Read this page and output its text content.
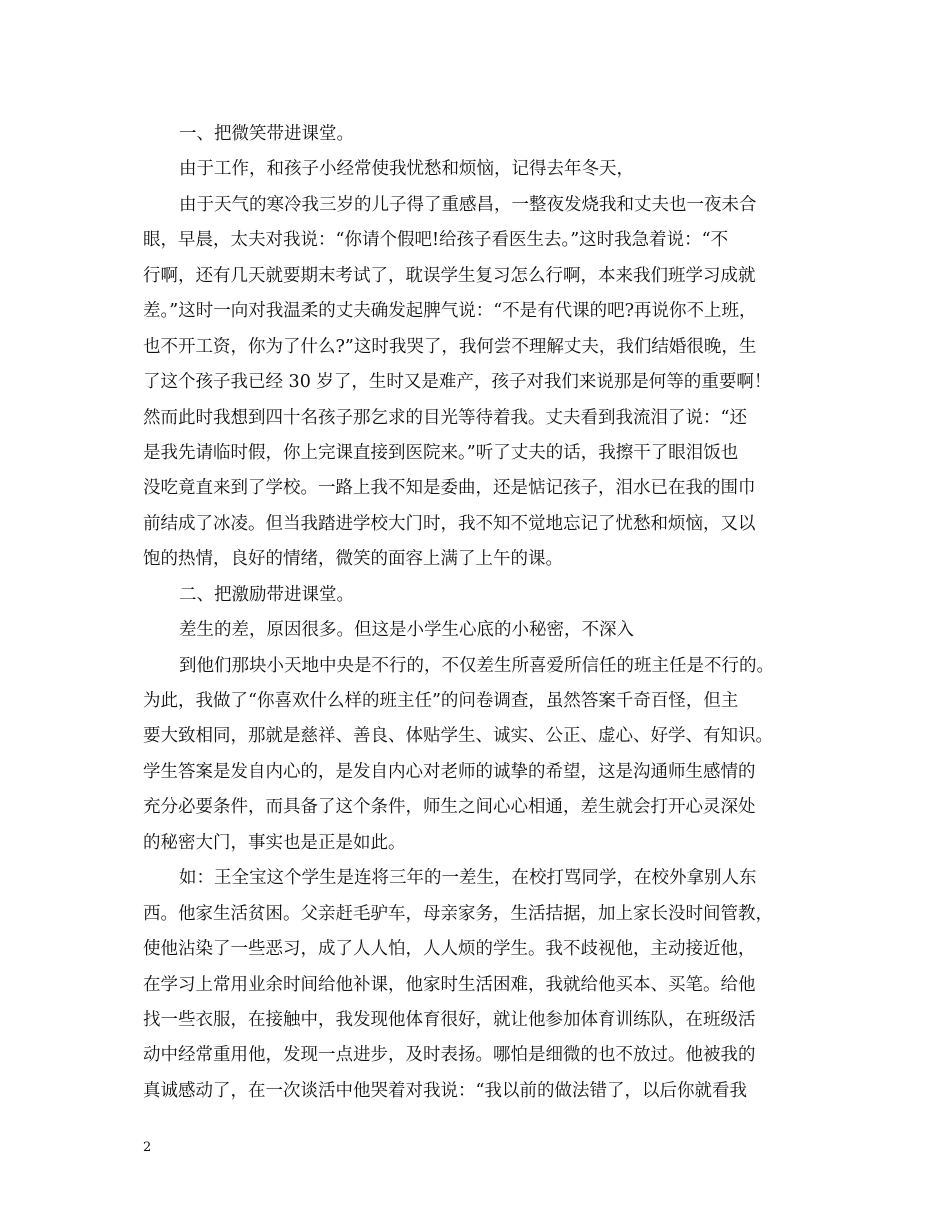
一、把微笑带进课堂。
由于工作，和孩子小经常使我忧愁和烦恼，记得去年冬天，
由于天气的寒冷我三岁的儿子得了重感昌，一整夜发烧我和丈夫也一夜未合
眼，早晨，太夫对我说：“你请个假吧!给孩子看医生去。”这时我急着说：“不
行啊，还有几天就要期末考试了，耽误学生复习怎么行啊，本来我们班学习成就
差。”这时一向对我温柔的丈夫确发起脾气说：“不是有代课的吧?再说你不上班，
也不开工资，你为了什么?”这时我哭了，我何尝不理解丈夫，我们结婚很晚，生
了这个孩子我已经 30 岁了，生时又是难产，孩子对我们来说那是何等的重要啊！
然而此时我想到四十名孩子那乞求的目光等待着我。丈夫看到我流泪了说：“还
是我先请临时假，你上完课直接到医院来。”听了丈夫的话，我擦干了眼泪饭也
没吃竟直来到了学校。一路上我不知是委曲，还是惦记孩子，泪水已在我的围巾
前结成了冰凌。但当我踏进学校大门时，我不知不觉地忘记了忧愁和烦恼，又以
饱的热情，良好的情绪，微笑的面容上满了上午的课。
二、把激励带进课堂。
差生的差，原因很多。但这是小学生心底的小秘密，不深入
到他们那块小天地中央是不行的，不仅差生所喜爱所信任的班主任是不行的。
为此，我做了“你喜欢什么样的班主任”的问卷调查，虽然答案千奇百怪，但主
要大致相同，那就是慈祥、善良、体贴学生、诚实、公正、虚心、好学、有知识。
学生答案是发自内心的，是发自内心对老师的诚挚的希望，这是沟通师生感情的
充分必要条件，而具备了这个条件，师生之间心心相通，差生就会打开心灵深处
的秘密大门，事实也是正是如此。
如：王全宝这个学生是连将三年的一差生，在校打骂同学，在校外拿别人东
西。他家生活贫困。父亲赶毛驴车，母亲家务，生活拮据，加上家长没时间管教，
使他沾染了一些恶习，成了人人怕，人人烦的学生。我不歧视他，主动接近他，
在学习上常用业余时间给他补课，他家时生活困难，我就给他买本、买笔。给他
找一些衣服，在接触中，我发现他体育很好，就让他参加体育训练队，在班级活
动中经常重用他，发现一点进步，及时表扬。哪怕是细微的也不放过。他被我的
真诚感动了，在一次谈活中他哭着对我说：“我以前的做法错了，以后你就看我
2
